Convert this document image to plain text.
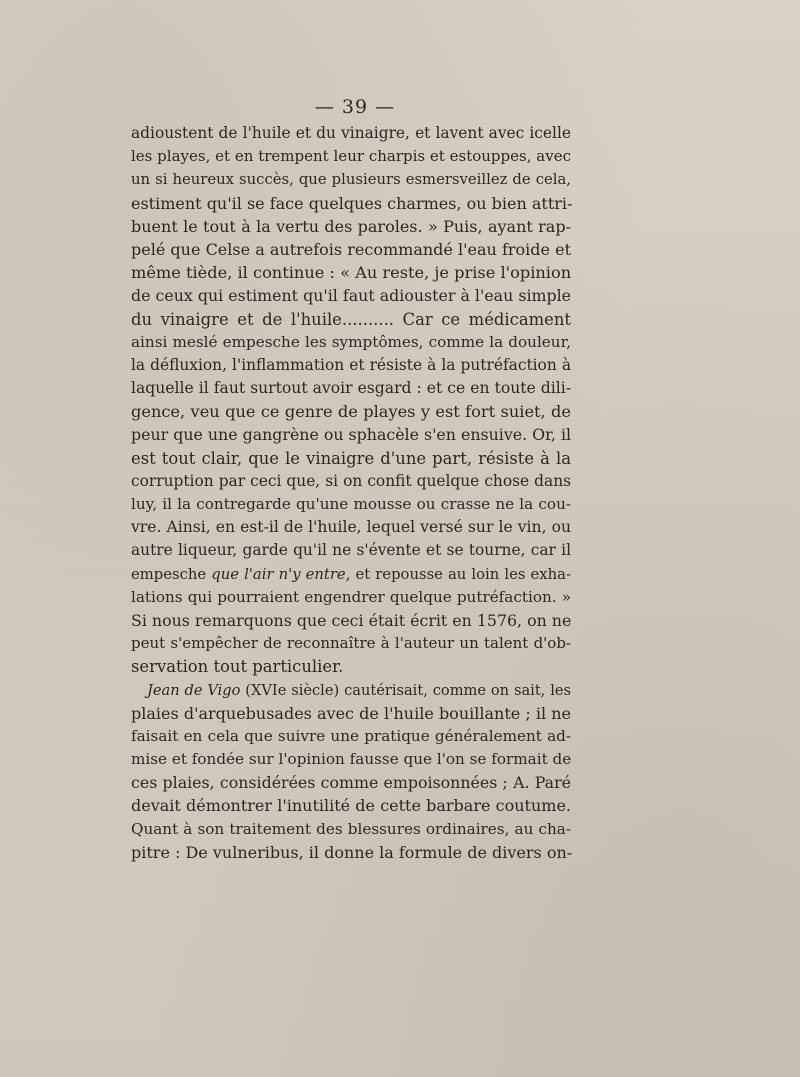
— 39 —
adioustent de l'huile et du vinaigre, et lavent avec icelle
les playes, et en trempent leur charpis et estouppes, avec
un si heureux succès, que plusieurs esmersveillez de cela,
estiment qu'il se face quelques charmes, ou bien attri-
buent le tout à la vertu des paroles. » Puis, ayant rap-
pelé que Celse a autrefois recommandé l'eau froide et
même tiède, il continue : « Au reste, je prise l'opinion
de ceux qui estiment qu'il faut adiouster à l'eau simple
du vinaigre et de l'huile.......... Car ce médicament
ainsi meslé empesche les symptômes, comme la douleur,
la défluxion, l'inflammation et résiste à la putréfaction à
laquelle il faut surtout avoir esgard : et ce en toute dili-
gence, veu que ce genre de playes y est fort suiet, de
peur que une gangrène ou sphacèle s'en ensuive. Or, il
est tout clair, que le vinaigre d'une part, résiste à la
corruption par ceci que, si on confit quelque chose dans
luy, il la contregarde qu'une mousse ou crasse ne la cou-
vre. Ainsi, en est-il de l'huile, lequel versé sur le vin, ou
autre liqueur, garde qu'il ne s'évente et se tourne, car il
empesche que l'air n'y entre, et repousse au loin les exha-
lations qui pourraient engendrer quelque putréfaction. »
Si nous remarquons que ceci était écrit en 1576, on ne
peut s'empêcher de reconnaître à l'auteur un talent d'ob-
servation tout particulier.
Jean de Vigo (XVIe siècle) cautérisait, comme on sait, les
plaies d'arquebusades avec de l'huile bouillante ; il ne
faisait en cela que suivre une pratique généralement ad-
mise et fondée sur l'opinion fausse que l'on se formait de
ces plaies, considérées comme empoisonnées ; A. Paré
devait démontrer l'inutilité de cette barbare coutume.
Quant à son traitement des blessures ordinaires, au cha-
pitre : De vulneribus, il donne la formule de divers on-
